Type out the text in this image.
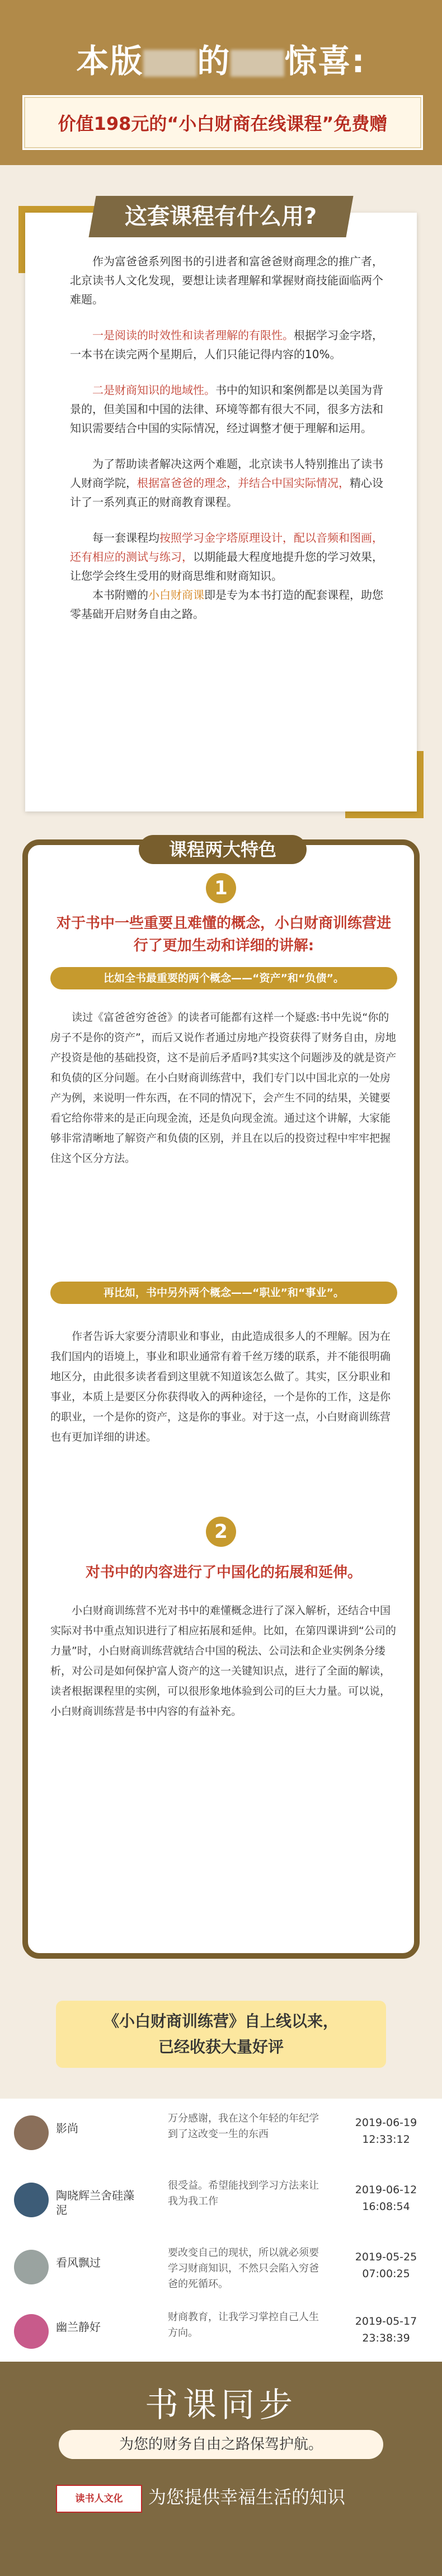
本版 的 惊喜:
价值198元的“小白财商在线课程”免费赠
这套课程有什么用?

作为富爸爸系列图书的引进者和富爸爸财商理念的推广者，北京读书人文化发现，要想让读者理解和掌握财商技能面临两个难题。

一是阅读的时效性和读者理解的有限性。根据学习金字塔，一本书在读完两个星期后，人们只能记得内容的10%。

二是财商知识的地域性。书中的知识和案例都是以美国为背景的，但美国和中国的法律、环境等都有很大不同，很多方法和知识需要结合中国的实际情况，经过调整才便于理解和运用。

为了帮助读者解决这两个难题，北京读书人特别推出了读书人财商学院，根据富爸爸的理念，并结合中国实际情况，精心设计了一系列真正的财商教育课程。

每一套课程均按照学习金字塔原理设计，配以音频和图画，还有相应的测试与练习，以期能最大程度地提升您的学习效果，让您学会终生受用的财商思维和财商知识。

本书附赠的小白财商课即是专为本书打造的配套课程，助您零基础开启财务自由之路。

课程两大特色
1
对于书中一些重要且难懂的概念，小白财商训练营进行了更加生动和详细的讲解:
比如全书最重要的两个概念——“资产”和“负债”。
读过《富爸爸穷爸爸》的读者可能都有这样一个疑惑:书中先说“你的房子不是你的资产”，而后又说作者通过房地产投资获得了财务自由，房地产投资是他的基础投资，这不是前后矛盾吗?其实这个问题涉及的就是资产和负债的区分问题。在小白财商训练营中，我们专门以中国北京的一处房产为例，来说明一件东西，在不同的情况下，会产生不同的结果，关键要看它给你带来的是正向现金流，还是负向现金流。通过这个讲解，大家能够非常清晰地了解资产和负债的区别，并且在以后的投资过程中牢牢把握住这个区分方法。
再比如，书中另外两个概念——“职业”和“事业”。
作者告诉大家要分清职业和事业，由此造成很多人的不理解。因为在我们国内的语境上，事业和职业通常有着千丝万缕的联系，并不能很明确地区分，由此很多读者看到这里就不知道该怎么做了。其实，区分职业和事业，本质上是要区分你获得收入的两种途径，一个是你的工作，这是你的职业，一个是你的资产，这是你的事业。对于这一点，小白财商训练营也有更加详细的讲述。
2
对书中的内容进行了中国化的拓展和延伸。
小白财商训练营不光对书中的难懂概念进行了深入解析，还结合中国实际对书中重点知识进行了相应拓展和延伸。比如，在第四课讲到“公司的力量”时，小白财商训练营就结合中国的税法、公司法和企业实例条分缕析，对公司是如何保护富人资产的这一关键知识点，进行了全面的解读，读者根据课程里的实例，可以很形象地体验到公司的巨大力量。可以说，小白财商训练营是书中内容的有益补充。
《小白财商训练营》自上线以来，
已经收获大量好评
影尚
万分感谢，我在这个年轻的年纪学到了这改变一生的东西
2019-06-19
12:33:12
陶晓辉兰舍硅藻泥
很受益。希望能找到学习方法来让我为我工作
2019-06-12
16:08:54
看风飘过
要改变自己的现状，所以就必须要学习财商知识，不然只会陷入穷爸爸的死循环。
2019-05-25
07:00:25
幽兰静好
财商教育，让我学习掌控自己人生方向。
2019-05-17
23:38:39
书课同步
为您的财务自由之路保驾护航。
读书人文化	为您提供幸福生活的知识
